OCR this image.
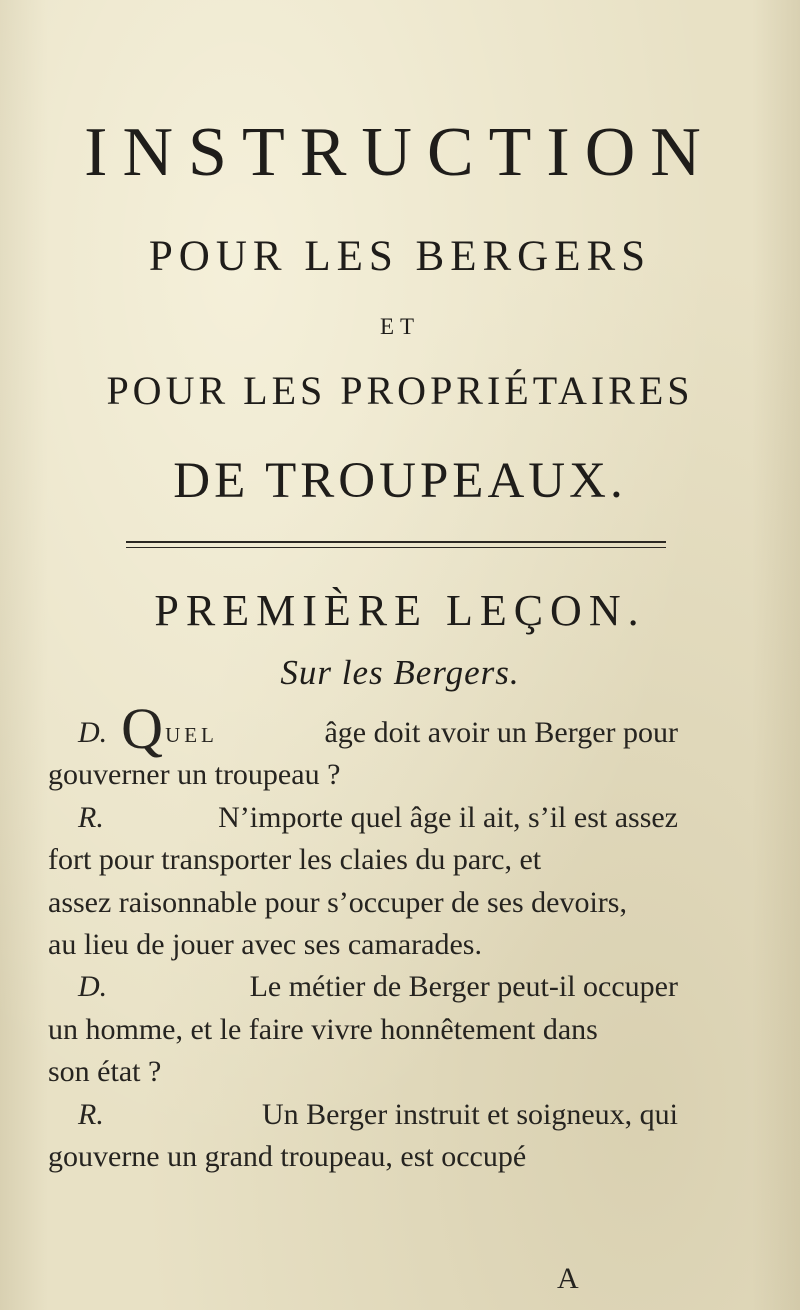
INSTRUCTION
POUR LES BERGERS
ET
POUR LES PROPRIÉTAIRES
DE TROUPEAUX.
PREMIÈRE LEÇON.
Sur les Bergers.
D. Quel	âge doit avoir un Berger pour
gouverner un troupeau ?
R.	N’importe quel âge il ait, s’il est assez
fort pour transporter les claies du parc, et
assez raisonnable pour s’occuper de ses devoirs,
au lieu de jouer avec ses camarades.
D.	Le métier de Berger peut-il occuper
un homme, et le faire vivre honnêtement dans
son état ?
R.	Un Berger instruit et soigneux, qui
gouverne un grand troupeau, est occupé
A
